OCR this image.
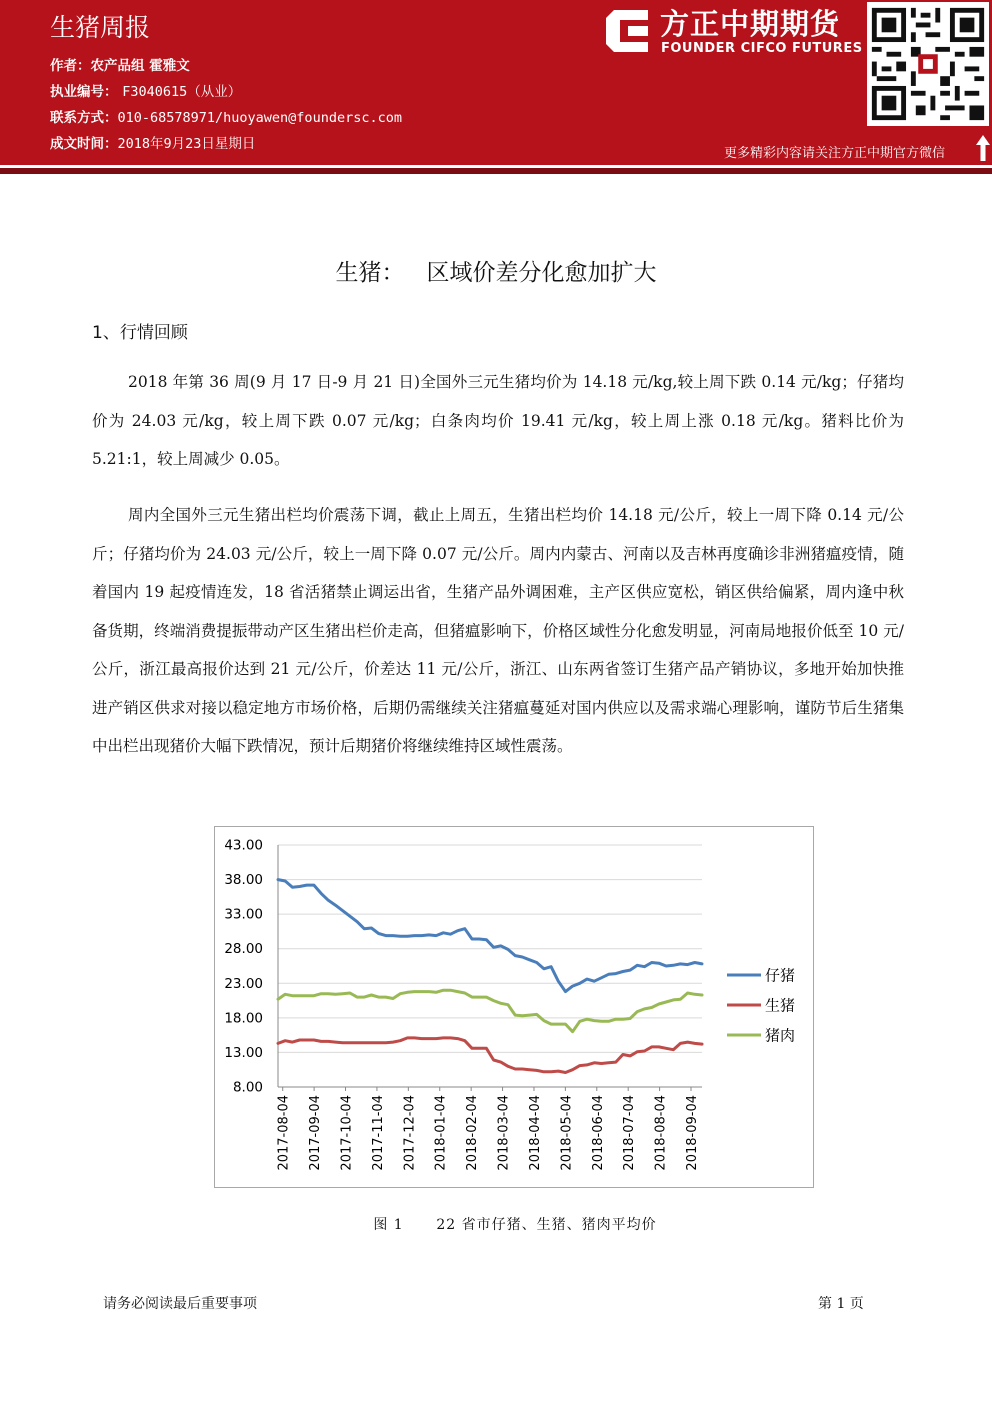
生猪周报
作者：农产品组 霍雅文
执业编号： F3040615（从业）
联系方式：010-68578971/huoyawen@foundersc.com
成文时间：2018年9月23日星期日
方正中期期货
FOUNDER CIFCO FUTURES
更多精彩内容请关注方正中期官方微信
生猪：   区域价差分化愈加扩大
1、行情回顾

2018 年第 36 周(9 月 17 日-9 月 21 日)全国外三元生猪均价为 14.18 元/kg,较上周下跌 0.14 元/kg；仔猪均价为 24.03 元/kg，较上周下跌 0.07 元/kg；白条肉均价 19.41 元/kg，较上周上涨 0.18 元/kg。猪料比价为 5.21:1，较上周减少 0.05。

周内全国外三元生猪出栏均价震荡下调，截止上周五，生猪出栏均价 14.18 元/公斤，较上一周下降 0.14 元/公斤；仔猪均价为 24.03 元/公斤，较上一周下降 0.07 元/公斤。周内内蒙古、河南以及吉林再度确诊非洲猪瘟疫情，随着国内 19 起疫情连发，18 省活猪禁止调运出省，生猪产品外调困难，主产区供应宽松，销区供给偏紧，周内逢中秋备货期，终端消费提振带动产区生猪出栏价走高，但猪瘟影响下，价格区域性分化愈发明显，河南局地报价低至 10 元/公斤，浙江最高报价达到 21 元/公斤，价差达 11 元/公斤，浙江、山东两省签订生猪产品产销协议，多地开始加快推进产销区供求对接以稳定地方市场价格，后期仍需继续关注猪瘟蔓延对国内供应以及需求端心理影响，谨防节后生猪集中出栏出现猪价大幅下跌情况，预计后期猪价将继续维持区域性震荡。

8.00
13.00
18.00
23.00
28.00
33.00
38.00
43.00
2017-08-04 2017-09-04 2017-10-04 2017-11-04 2017-12-04 2018-01-04 2018-02-04 2018-03-04 2018-04-04 2018-05-04 2018-06-04 2018-07-04 2018-08-04 2018-09-04
仔猪
生猪
猪肉
图 1      22 省市仔猪、生猪、猪肉平均价
请务必阅读最后重要事项	第 1 页
